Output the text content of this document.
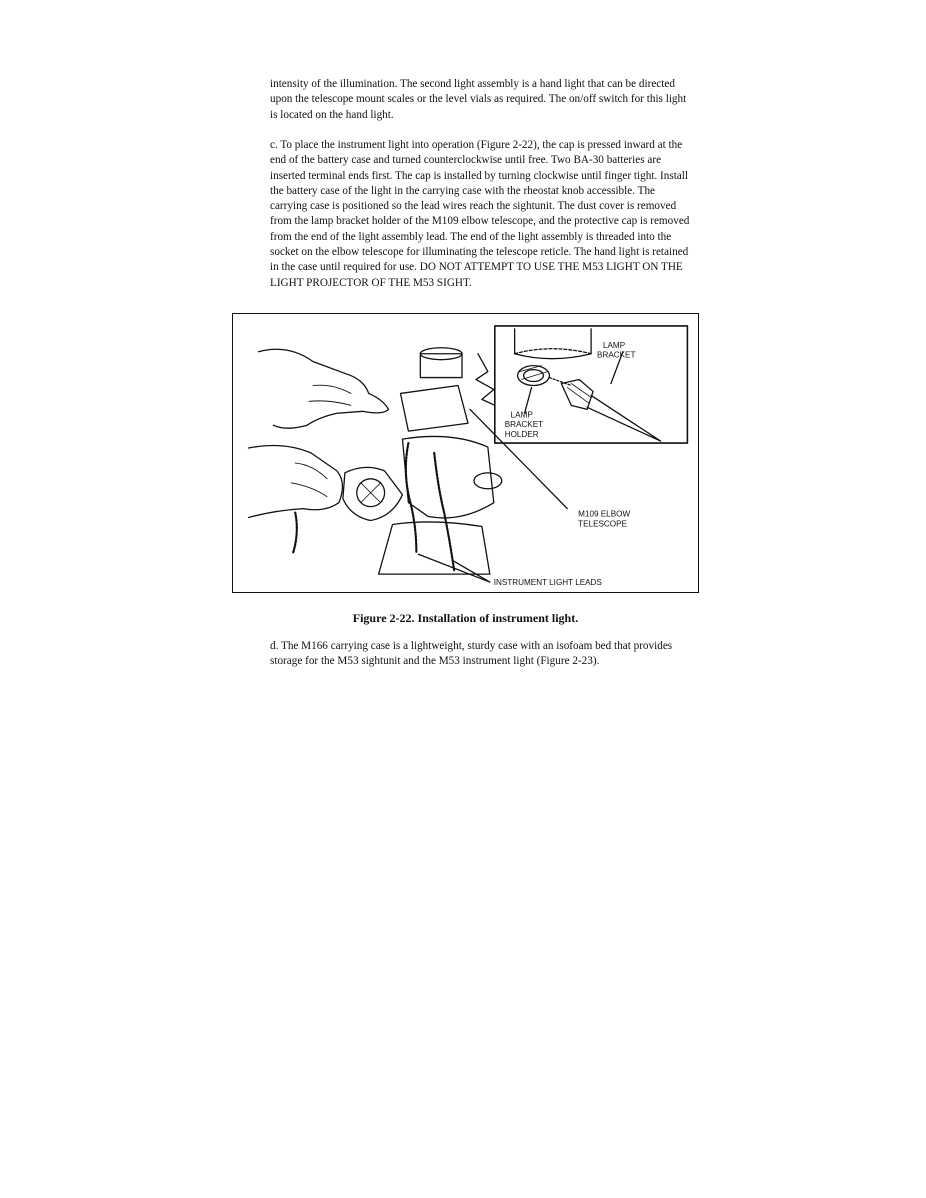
intensity of the illumination. The second light assembly is a hand light that can be directed upon the telescope mount scales or the level vials as required. The on/off switch for this light is located on the hand light.

c. To place the instrument light into operation (Figure 2-22), the cap is pressed inward at the end of the battery case and turned counterclockwise until free. Two BA-30 batteries are inserted terminal ends first. The cap is installed by turning clockwise until finger tight. Install the battery case of the light in the carrying case with the rheostat knob accessible. The carrying case is positioned so the lead wires reach the sightunit. The dust cover is removed from the lamp bracket holder of the M109 elbow telescope, and the protective cap is removed from the end of the light assembly lead. The end of the light assembly is threaded into the socket on the elbow telescope for illuminating the telescope reticle. The hand light is retained in the case until required for use. DO NOT ATTEMPT TO USE THE M53 LIGHT ON THE LIGHT PROJECTOR OF THE M53 SIGHT.

LAMP
BRACKET
LAMP
BRACKET
HOLDER
M109 ELBOW
TELESCOPE
INSTRUMENT LIGHT LEADS

Figure 2-22. Installation of instrument light.

d. The M166 carrying case is a lightweight, sturdy case with an isofoam bed that provides storage for the M53 sightunit and the M53 instrument light (Figure 2-23).
